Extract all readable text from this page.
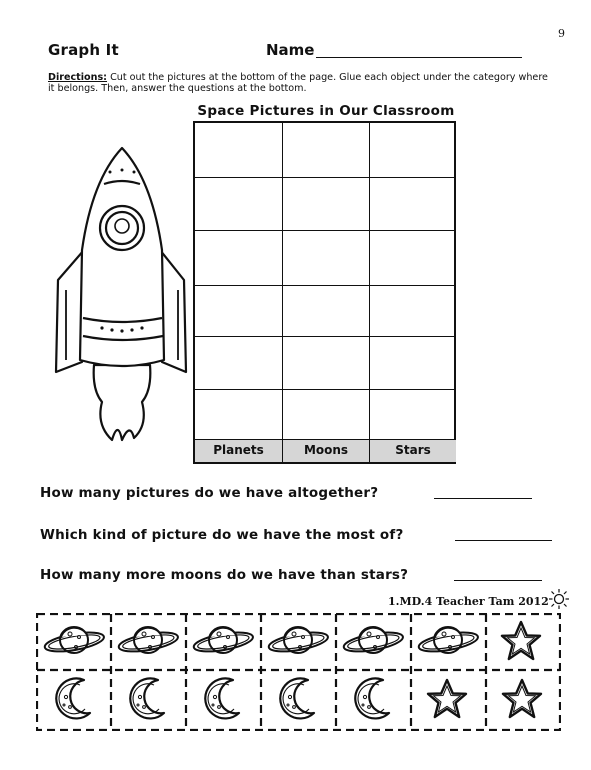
9
Graph It	Name
Directions: Cut out the pictures at the bottom of the page. Glue each object under the category where it belongs. Then, answer the questions at the bottom.
Space Pictures in Our Classroom
Planets	Moons	Stars
How many pictures do we have altogether?
Which kind of picture do we have the most of?
How many more moons do we have than stars?
1.MD.4 Teacher Tam 2012
